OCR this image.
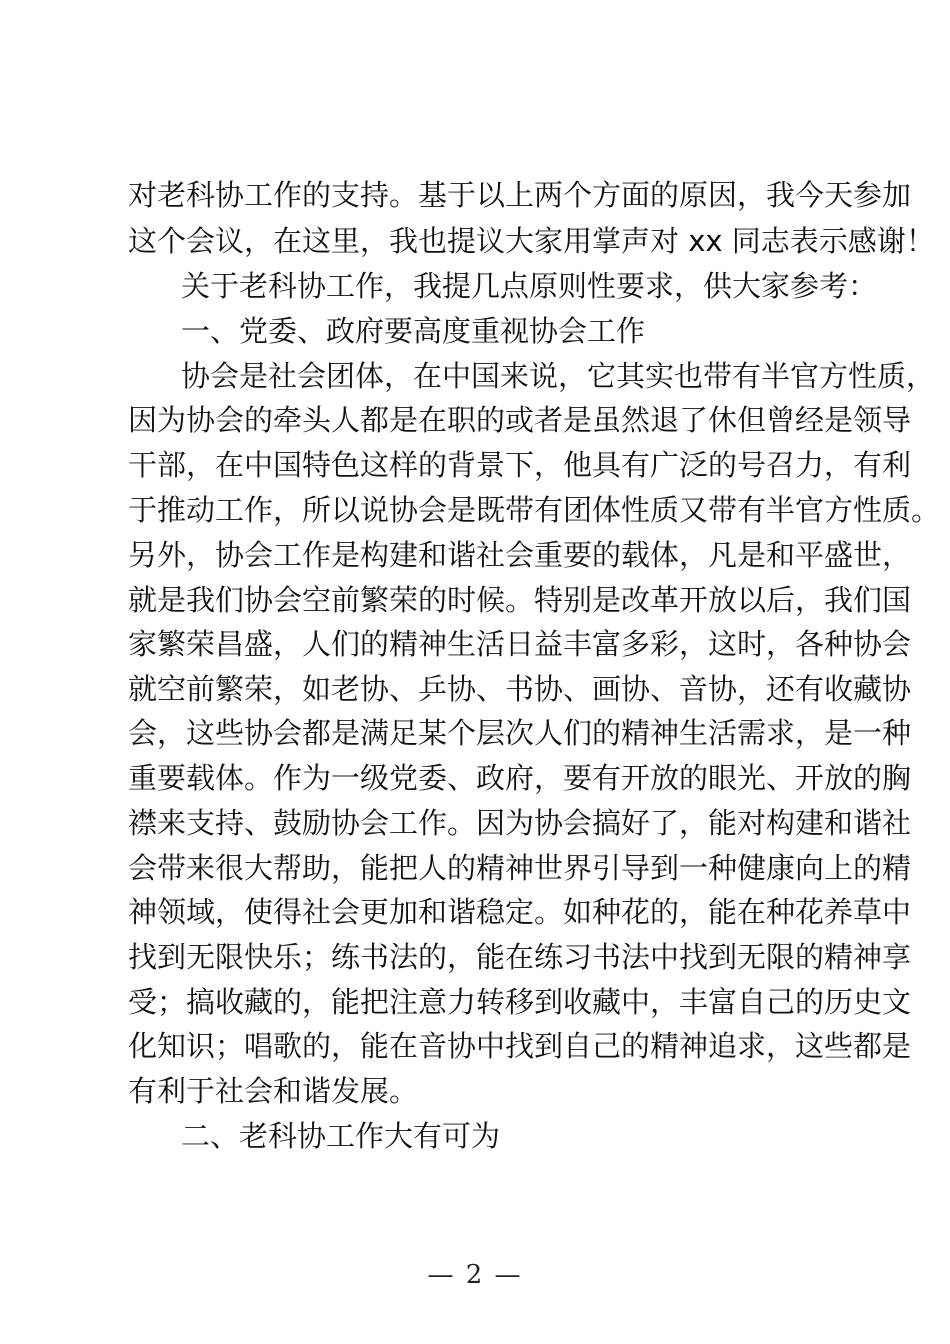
对老科协工作的支持。基于以上两个方面的原因，我今天参加
这个会议，在这里，我也提议大家用掌声对 xx 同志表示感谢！
关于老科协工作，我提几点原则性要求，供大家参考：
一、党委、政府要高度重视协会工作
协会是社会团体，在中国来说，它其实也带有半官方性质，
因为协会的牵头人都是在职的或者是虽然退了休但曾经是领导
干部，在中国特色这样的背景下，他具有广泛的号召力，有利
于推动工作，所以说协会是既带有团体性质又带有半官方性质。
另外，协会工作是构建和谐社会重要的载体，凡是和平盛世，
就是我们协会空前繁荣的时候。特别是改革开放以后，我们国
家繁荣昌盛，人们的精神生活日益丰富多彩，这时，各种协会
就空前繁荣，如老协、乒协、书协、画协、音协，还有收藏协
会，这些协会都是满足某个层次人们的精神生活需求，是一种
重要载体。作为一级党委、政府，要有开放的眼光、开放的胸
襟来支持、鼓励协会工作。因为协会搞好了，能对构建和谐社
会带来很大帮助，能把人的精神世界引导到一种健康向上的精
神领域，使得社会更加和谐稳定。如种花的，能在种花养草中
找到无限快乐；练书法的，能在练习书法中找到无限的精神享
受；搞收藏的，能把注意力转移到收藏中，丰富自己的历史文
化知识；唱歌的，能在音协中找到自己的精神追求，这些都是
有利于社会和谐发展。
二、老科协工作大有可为
— 2 —
